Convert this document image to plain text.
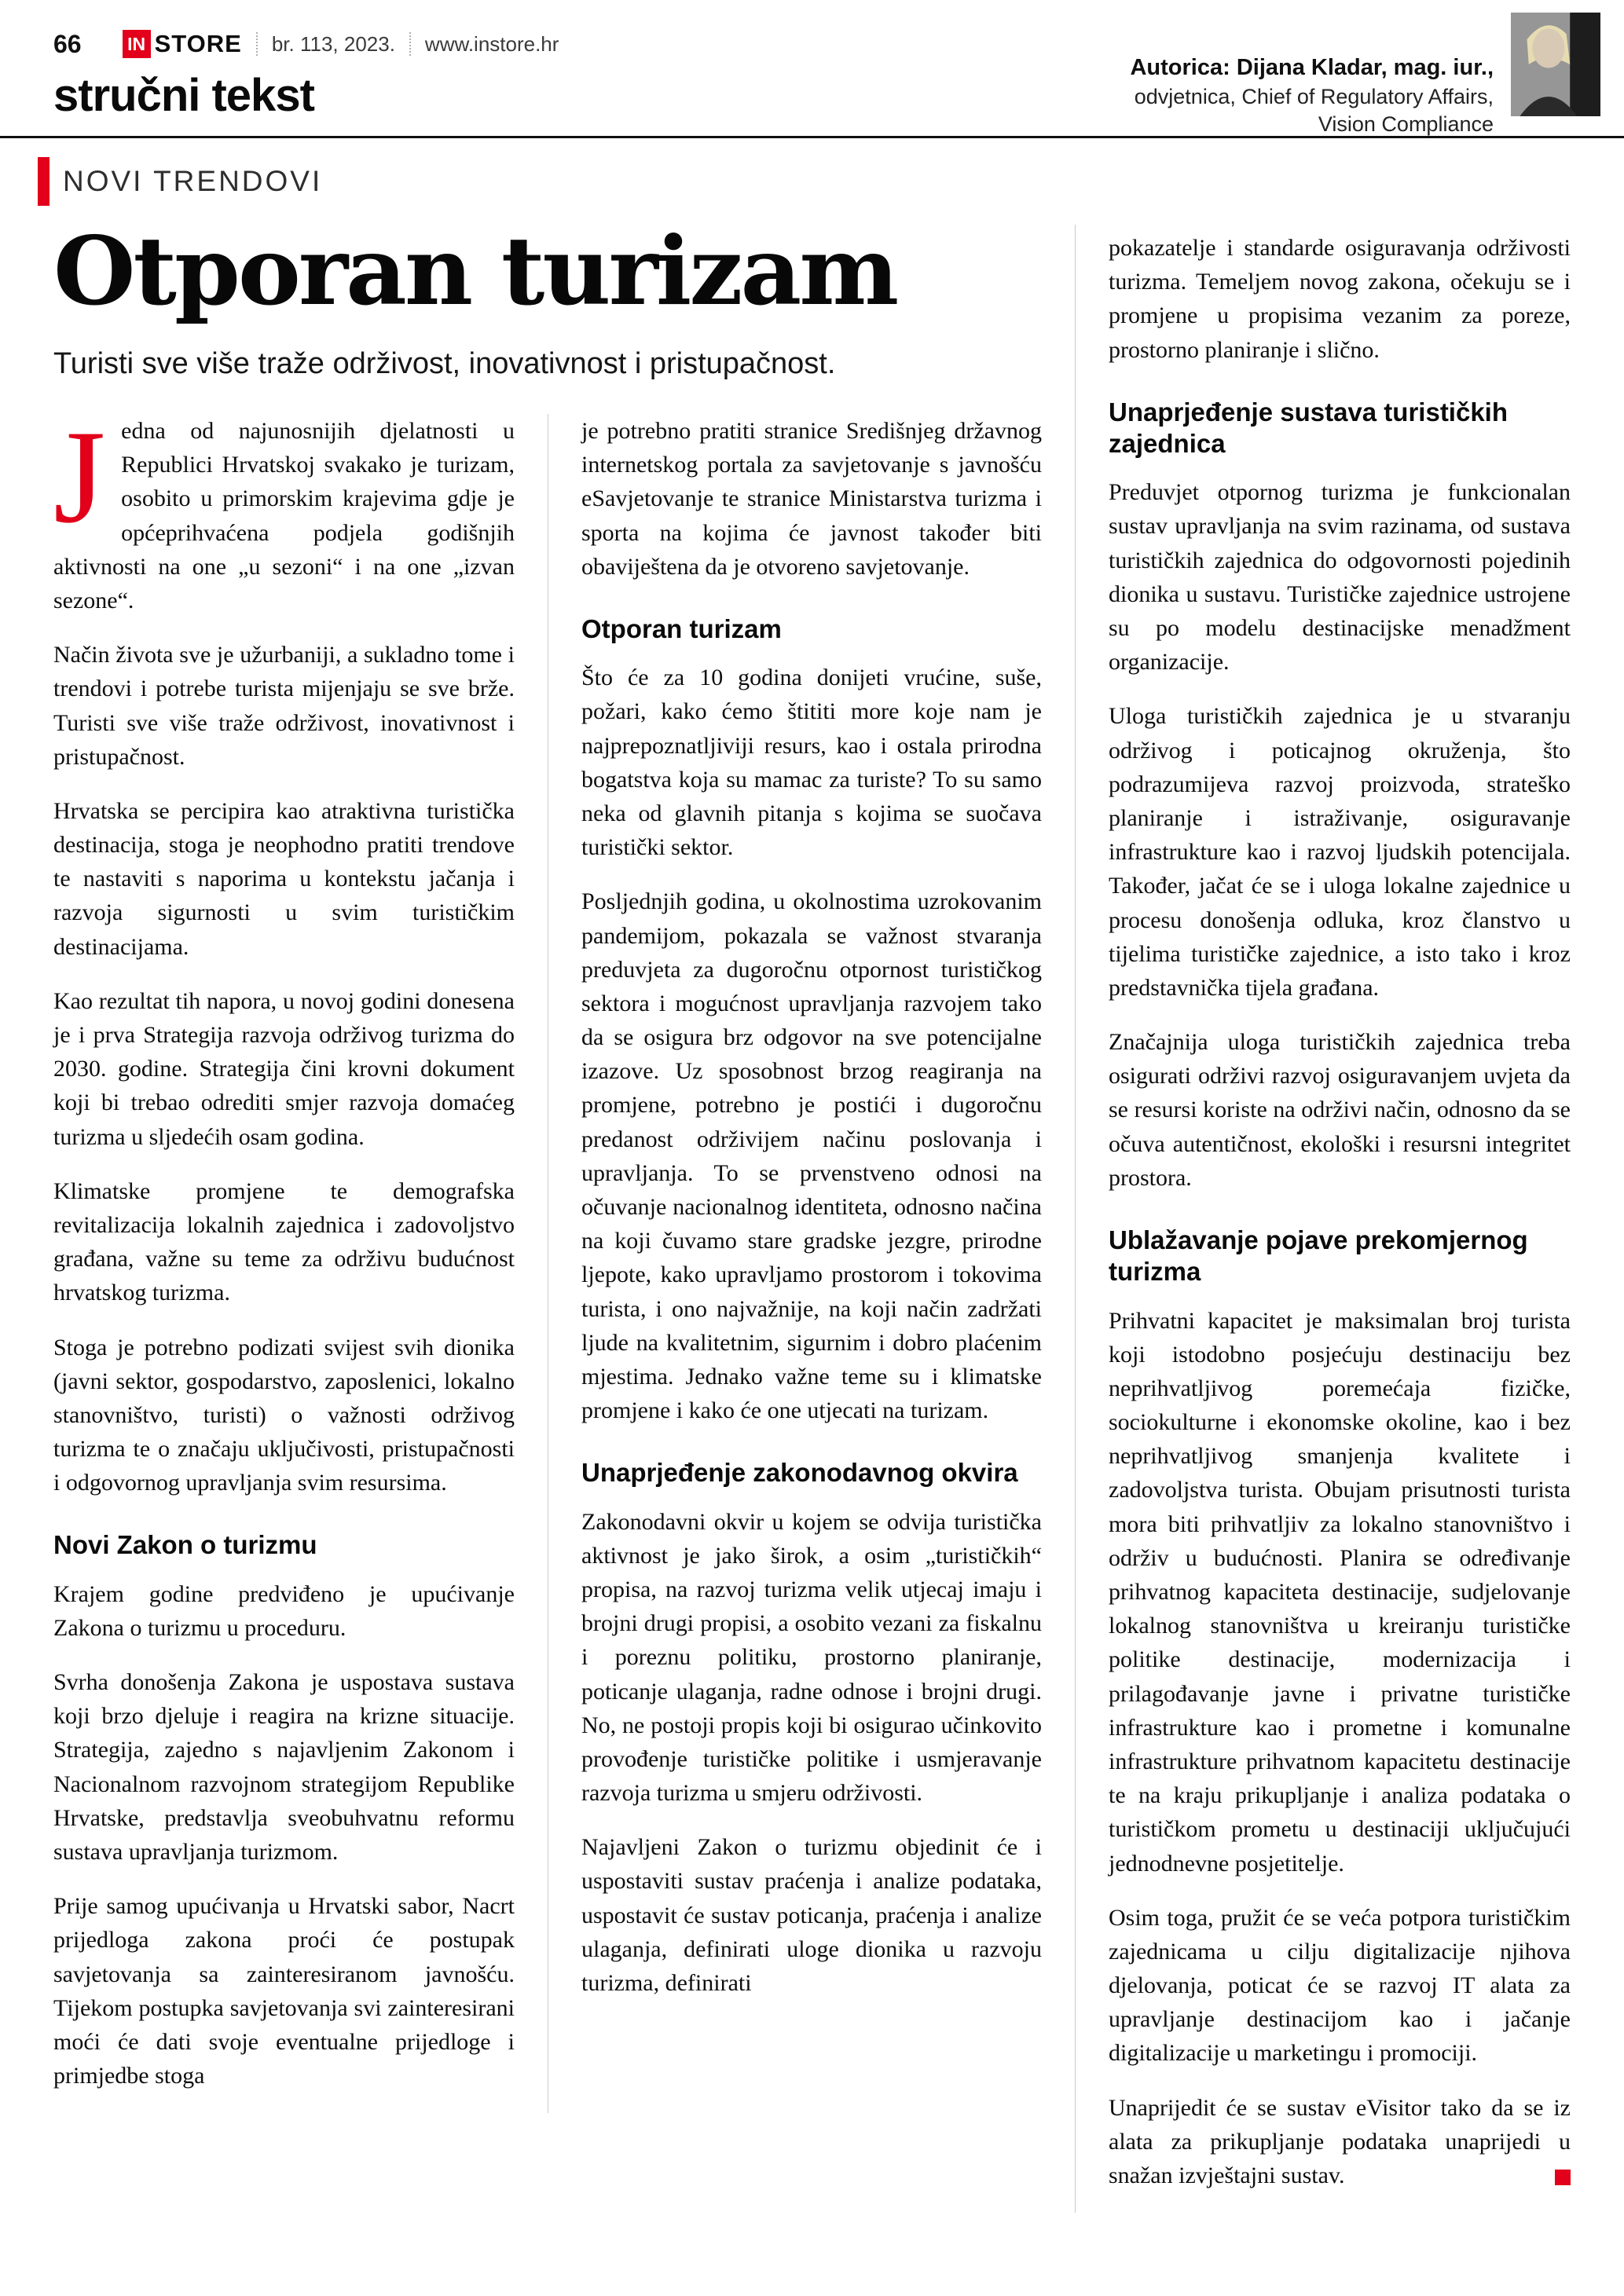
66	IN STORE br. 113, 2023. www.instore.hr
Autorica: Dijana Kladar, mag. iur.,
odvjetnica, Chief of Regulatory Affairs,
Vision Compliance
stručni tekst
NOVI TRENDOVI
Otporan turizam

Turisti sve više traže održivost, inovativnost i pristupačnost.

Jedna od najunosnijih djelatnosti u Republici Hrvatskoj svakako je turizam, osobito u primorskim krajevima gdje je općeprihvaćena podjela godišnjih aktivnosti na one „u sezoni“ i na one „izvan sezone“.

Način života sve je užurbaniji, a sukladno tome i trendovi i potrebe turista mijenjaju se sve brže. Turisti sve više traže održivost, inovativnost i pristupačnost.

Hrvatska se percipira kao atraktivna turistička destinacija, stoga je neophodno pratiti trendove te nastaviti s naporima u kontekstu jačanja i razvoja sigurnosti u svim turističkim destinacijama.

Kao rezultat tih napora, u novoj godini donesena je i prva Strategija razvoja održivog turizma do 2030. godine. Strategija čini krovni dokument koji bi trebao odrediti smjer razvoja domaćeg turizma u sljedećih osam godina.

Klimatske promjene te demografska revitalizacija lokalnih zajednica i zadovoljstvo građana, važne su teme za održivu budućnost hrvatskog turizma.

Stoga je potrebno podizati svijest svih dionika (javni sektor, gospodarstvo, zaposlenici, lokalno stanovništvo, turisti) o važnosti održivog turizma te o značaju uključivosti, pristupačnosti i odgovornog upravljanja svim resursima.

Novi Zakon o turizmu

Krajem godine predviđeno je upućivanje Zakona o turizmu u proceduru.

Svrha donošenja Zakona je uspostava sustava koji brzo djeluje i reagira na krizne situacije. Strategija, zajedno s najavljenim Zakonom i Nacionalnom razvojnom strategijom Republike Hrvatske, predstavlja sveobuhvatnu reformu sustava upravljanja turizmom.

Prije samog upućivanja u Hrvatski sabor, Nacrt prijedloga zakona proći će postupak savjetovanja sa zainteresiranom javnošću. Tijekom postupka savjetovanja svi zainteresirani moći će dati svoje eventualne prijedloge i primjedbe stoga

je potrebno pratiti stranice Središnjeg državnog internetskog portala za savjetovanje s javnošću eSavjetovanje te stranice Ministarstva turizma i sporta na kojima će javnost također biti obaviještena da je otvoreno savjetovanje.

Otporan turizam

Što će za 10 godina donijeti vrućine, suše, požari, kako ćemo štititi more koje nam je najprepoznatljiviji resurs, kao i ostala prirodna bogatstva koja su mamac za turiste? To su samo neka od glavnih pitanja s kojima se suočava turistički sektor.

Posljednjih godina, u okolnostima uzrokovanim pandemijom, pokazala se važnost stvaranja preduvjeta za dugoročnu otpornost turističkog sektora i mogućnost upravljanja razvojem tako da se osigura brz odgovor na sve potencijalne izazove. Uz sposobnost brzog reagiranja na promjene, potrebno je postići i dugoročnu predanost održivijem načinu poslovanja i upravljanja. To se prvenstveno odnosi na očuvanje nacionalnog identiteta, odnosno načina na koji čuvamo stare gradske jezgre, prirodne ljepote, kako upravljamo prostorom i tokovima turista, i ono najvažnije, na koji način zadržati ljude na kvalitetnim, sigurnim i dobro plaćenim mjestima. Jednako važne teme su i klimatske promjene i kako će one utjecati na turizam.

Unaprjeđenje zakonodavnog okvira

Zakonodavni okvir u kojem se odvija turistička aktivnost je jako širok, a osim „turističkih“ propisa, na razvoj turizma velik utjecaj imaju i brojni drugi propisi, a osobito vezani za fiskalnu i poreznu politiku, prostorno planiranje, poticanje ulaganja, radne odnose i brojni drugi. No, ne postoji propis koji bi osigurao učinkovito provođenje turističke politike i usmjeravanje razvoja turizma u smjeru održivosti.

Najavljeni Zakon o turizmu objedinit će i uspostaviti sustav praćenja i analize podataka, uspostavit će sustav poticanja, praćenja i analize ulaganja, definirati uloge dionika u razvoju turizma, definirati

pokazatelje i standarde osiguravanja održivosti turizma. Temeljem novog zakona, očekuju se i promjene u propisima vezanim za poreze, prostorno planiranje i slično.

Unaprjeđenje sustava turističkih zajednica

Preduvjet otpornog turizma je funkcionalan sustav upravljanja na svim razinama, od sustava turističkih zajednica do odgovornosti pojedinih dionika u sustavu. Turističke zajednice ustrojene su po modelu destinacijske menadžment organizacije.

Uloga turističkih zajednica je u stvaranju održivog i poticajnog okruženja, što podrazumijeva razvoj proizvoda, strateško planiranje i istraživanje, osiguravanje infrastrukture kao i razvoj ljudskih potencijala. Također, jačat će se i uloga lokalne zajednice u procesu donošenja odluka, kroz članstvo u tijelima turističke zajednice, a isto tako i kroz predstavnička tijela građana.

Značajnija uloga turističkih zajednica treba osigurati održivi razvoj osiguravanjem uvjeta da se resursi koriste na održivi način, odnosno da se očuva autentičnost, ekološki i resursni integritet prostora.

Ublažavanje pojave prekomjernog turizma

Prihvatni kapacitet je maksimalan broj turista koji istodobno posjećuju destinaciju bez neprihvatljivog poremećaja fizičke, sociokulturne i ekonomske okoline, kao i bez neprihvatljivog smanjenja kvalitete i zadovoljstva turista. Obujam prisutnosti turista mora biti prihvatljiv za lokalno stanovništvo i održiv u budućnosti. Planira se određivanje prihvatnog kapaciteta destinacije, sudjelovanje lokalnog stanovništva u kreiranju turističke politike destinacije, modernizacija i prilagođavanje javne i privatne turističke infrastrukture kao i prometne i komunalne infrastrukture prihvatnom kapacitetu destinacije te na kraju prikupljanje i analiza podataka o turističkom prometu u destinaciji uključujući jednodnevne posjetitelje.

Osim toga, pružit će se veća potpora turističkim zajednicama u cilju digitalizacije njihova djelovanja, poticat će se razvoj IT alata za upravljanje destinacijom kao i jačanje digitalizacije u marketingu i promociji.

Unaprijedit će se sustav eVisitor tako da se iz alata za prikupljanje podataka unaprijedi u snažan izvještajni sustav.
